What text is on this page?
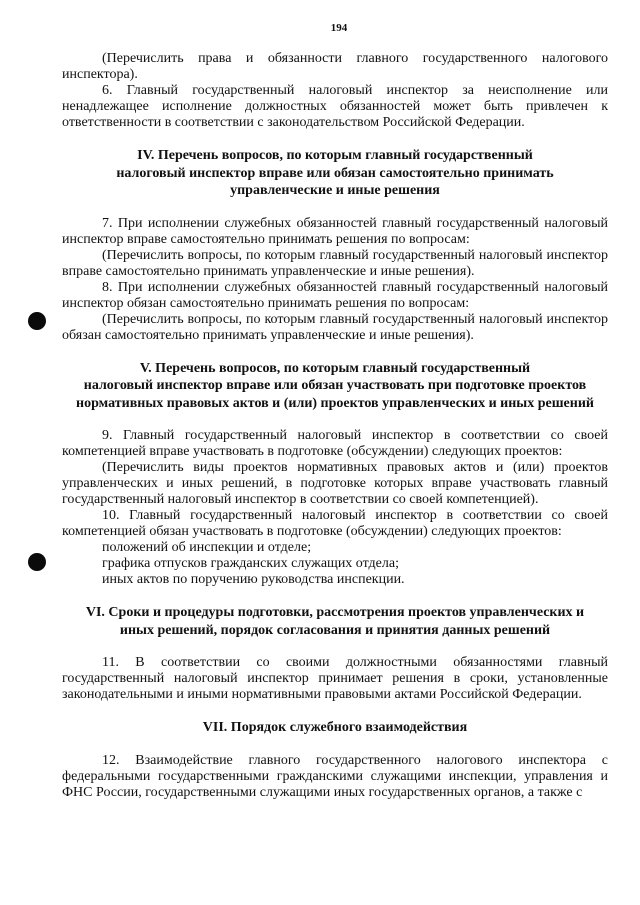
194

(Перечислить права и обязанности главного государственного налогового инспектора).

6. Главный государственный налоговый инспектор за неисполнение или ненадлежащее исполнение должностных обязанностей может быть привлечен к ответственности в соответствии с законодательством Российской Федерации.

IV. Перечень вопросов, по которым главный государственный

налоговый инспектор вправе или обязан самостоятельно принимать

управленческие и иные решения

7. При исполнении служебных обязанностей главный государственный налоговый инспектор вправе самостоятельно принимать решения по вопросам:

(Перечислить вопросы, по которым главный государственный налоговый инспектор вправе самостоятельно принимать управленческие и иные решения).

8. При исполнении служебных обязанностей главный государственный налоговый инспектор обязан самостоятельно принимать решения по вопросам:

(Перечислить вопросы, по которым главный государственный налоговый инспектор обязан самостоятельно принимать управленческие и иные решения).

V. Перечень вопросов, по которым главный государственный

налоговый инспектор вправе или обязан участвовать при подготовке проектов

нормативных правовых актов и (или) проектов управленческих и иных решений

9. Главный государственный налоговый инспектор в соответствии со своей компетенцией вправе участвовать в подготовке (обсуждении) следующих проектов:

(Перечислить виды проектов нормативных правовых актов и (или) проектов управленческих и иных решений, в подготовке которых вправе участвовать главный государственный налоговый инспектор в соответствии со своей компетенцией).

10. Главный государственный налоговый инспектор в соответствии со своей компетенцией обязан участвовать в подготовке (обсуждении) следующих проектов:

положений об инспекции и отделе;

графика отпусков гражданских служащих отдела;

иных актов по поручению руководства инспекции.

VI. Сроки и процедуры подготовки, рассмотрения проектов управленческих и

иных решений, порядок согласования и принятия данных решений

11. В соответствии со своими должностными обязанностями главный государственный налоговый инспектор принимает решения в сроки, установленные законодательными и иными нормативными правовыми актами Российской Федерации.

VII. Порядок служебного взаимодействия

12. Взаимодействие главного государственного налогового инспектора с федеральными государственными гражданскими служащими инспекции, управления и ФНС России, государственными служащими иных государственных органов, а также с
